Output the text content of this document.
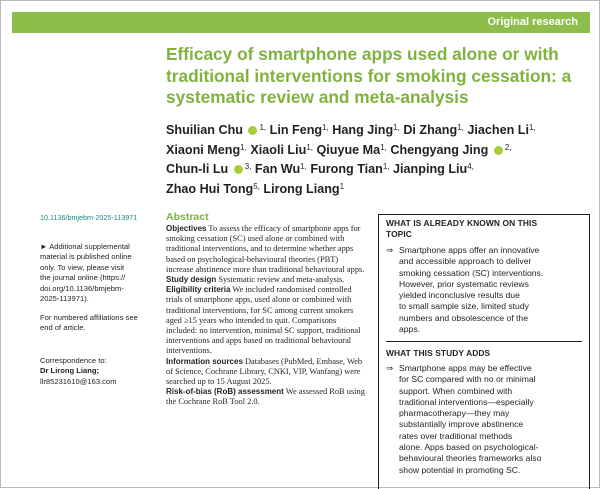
Original research
Efficacy of smartphone apps used alone or with traditional interventions for smoking cessation: a systematic review and meta-analysis
Shuilian Chu $^{1,}$ Lin Feng$^{1,}$ Hang Jing$^{1,}$ Di Zhang$^{1,}$ Jiachen $Li^{1,}$
Xiaoni Meng$^{1,}$ Xiaoli Liu$^{1,}$ Qiuyue $Ma^{1,}$ Chengyang Jing $^{2,}$
Chun-li Lu $^{3,}$ Fan $Wu^{1,}$ Furong Tian$^{1,}$ Jianping Liu$^{4,}$
Zhao Hui Tong$^{5,}$ Lirong Liang$^1$
10.1136/bmjebm-2025-113971
► Additional supplemental
material is published online
only. To view, please visit
the journal online (https://
doi.org/10.1136/bmjebm-
2025-113971).
For numbered affiliations see
end of article.
Correspondence to:
Dr Lirong Liang;
llr85231610@163.com
Abstract

Objectives To assess the efficacy of smartphone apps for smoking cessation (SC) used alone or combined with traditional interventions, and to determine whether apps based on psychological-behavioural theories (PBT) increase abstinence more than traditional behavioural apps.

Study design Systematic review and meta-analysis.

Eligibility criteria We included randomised controlled trials of smartphone apps, used alone or combined with traditional interventions, for SC among current smokers aged ≥15 years who intended to quit. Comparisons included: no intervention, minimal SC support, traditional interventions and apps based on traditional behavioural interventions.

Information sources Databases (PubMed, Embase, Web of Science, Cochrane Library, CNKI, VIP, Wanfang) were searched up to 15 August 2025.

Risk-of-bias (RoB) assessment We assessed RoB using the Cochrane RoB Tool 2.0.

WHAT IS ALREADY KNOWN ON THIS
TOPIC
WHAT THIS STUDY ADDS
⇒ Smartphone apps offer an innovative
and accessible approach to deliver
smoking cessation (SC) interventions.
However, prior systematic reviews
yielded inconclusive results due
to small sample size, limited study
numbers and obsolescence of the
apps.
⇒ Smartphone apps may be effective
for SC compared with no or minimal
support. When combined with
traditional interventions—especially
pharmacotherapy—they may
substantially improve abstinence
rates over traditional methods
alone. Apps based on psychological-
behavioural theories frameworks also
show potential in promoting SC.
